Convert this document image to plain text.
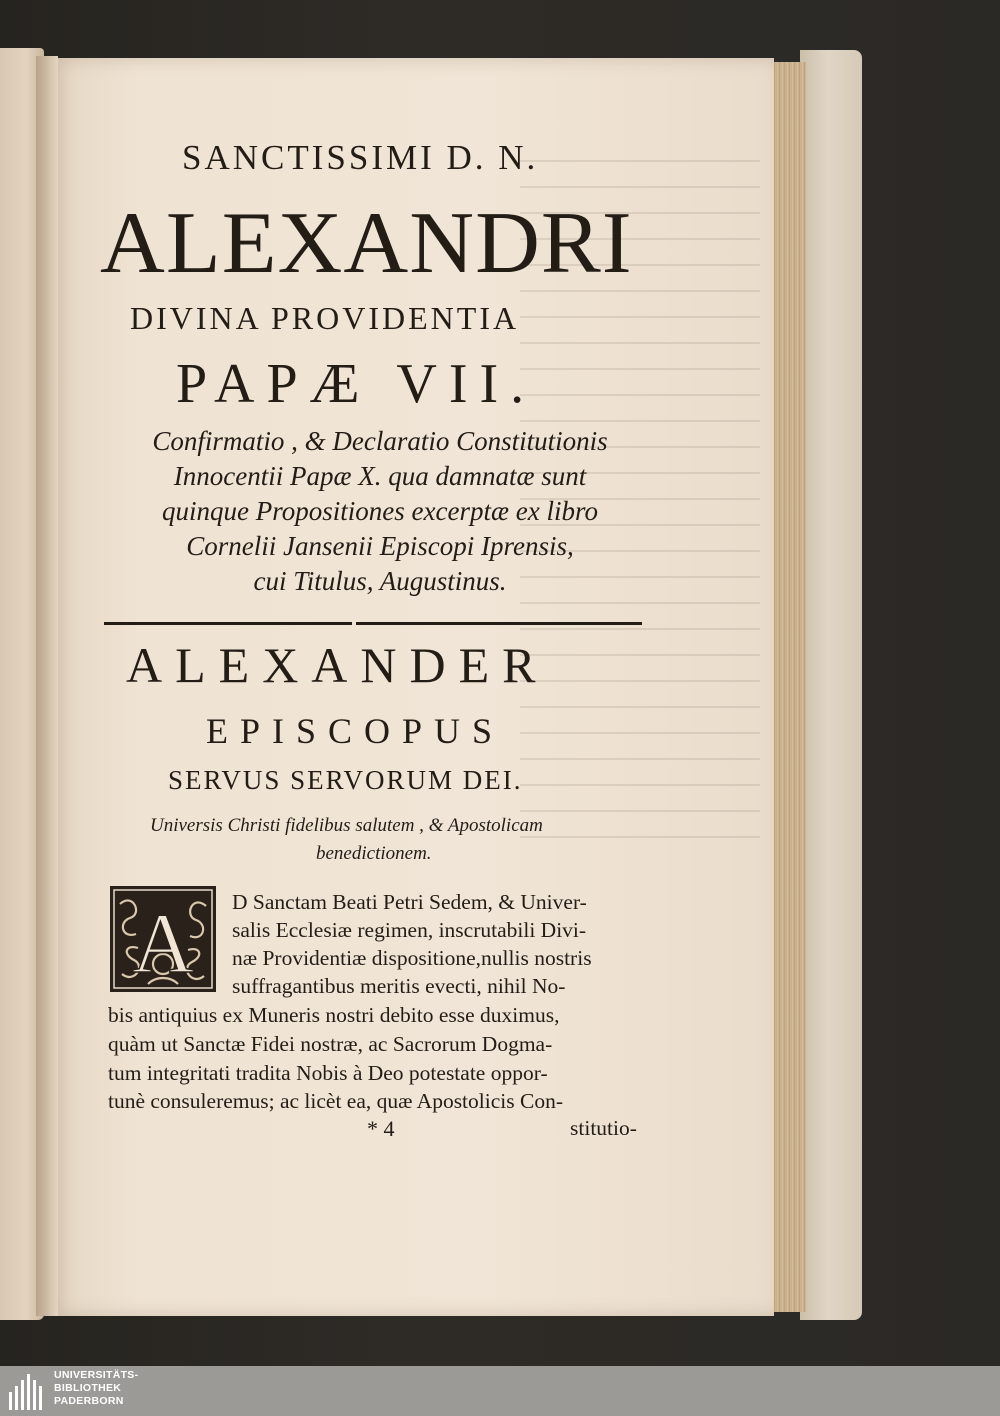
SANCTISSIMI D. N.
ALEXANDRI
DIVINA PROVIDENTIA
PAPÆ VII.
Confirmatio , & Declaratio Constitutionis
Innocentii Papæ X. qua damnatæ sunt
quinque Propositiones excerptæ ex libro
Cornelii Jansenii Episcopi Iprensis,
cui Titulus, Augustinus.
ALEXANDER
EPISCOPUS
SERVUS SERVORUM DEI.
Universis Christi fidelibus salutem , & Apostolicam
benedictionem.
A D Sanctam Beati Petri Sedem, & Univer-
salis Ecclesiæ regimen, inscrutabili Divi-
næ Providentiæ dispositione,nullis nostris
suffragantibus meritis evecti, nihil No-
bis antiquius ex Muneris nostri debito esse duximus,
quàm ut Sanctæ Fidei nostræ, ac Sacrorum Dogma-
tum integritati tradita Nobis à Deo potestate oppor-
tunè consuleremus; ac licèt ea, quæ Apostolicis Con-
* 4	stitutio-
UNIVERSITÄTS-
BIBLIOTHEK
PADERBORN
